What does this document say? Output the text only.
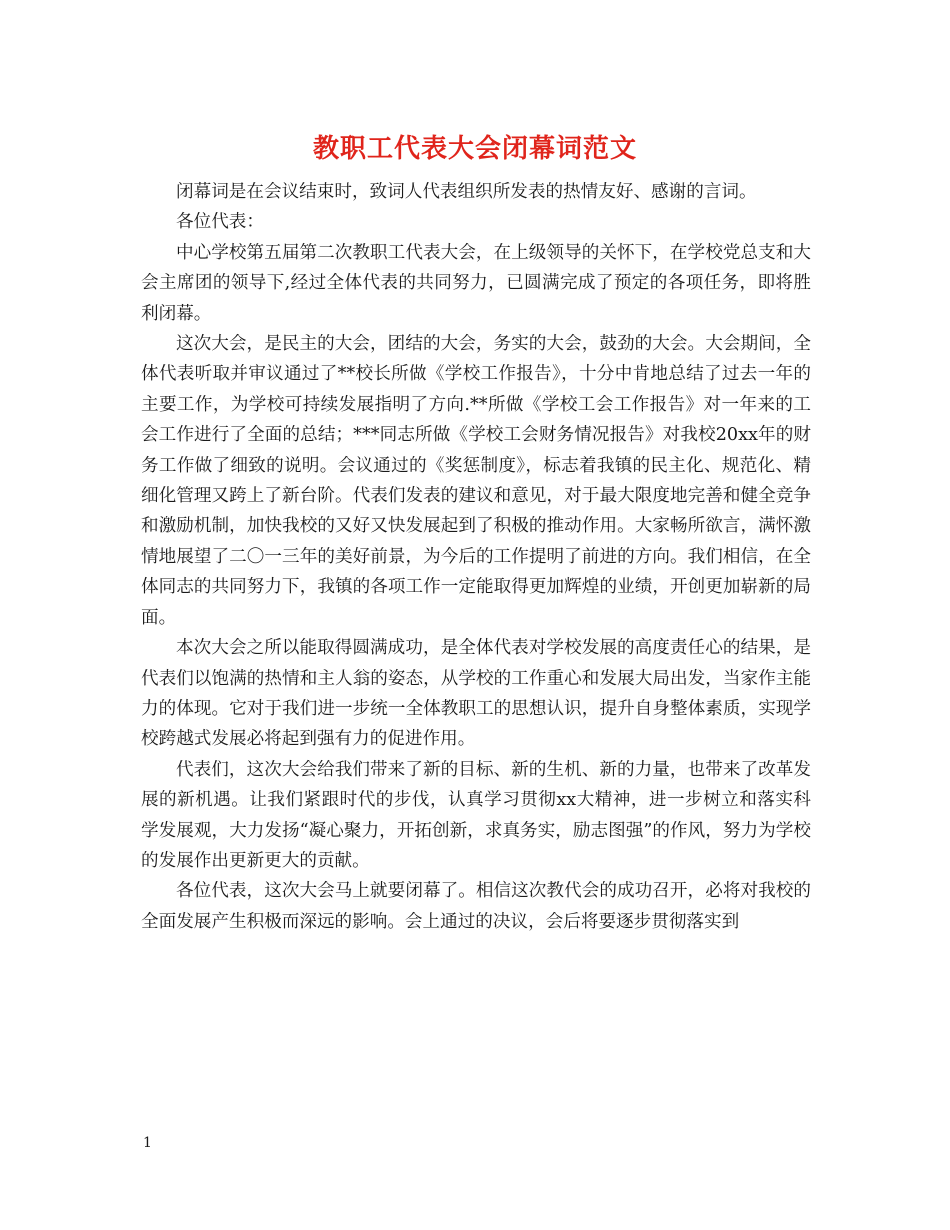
教职工代表大会闭幕词范文

闭幕词是在会议结束时，致词人代表组织所发表的热情友好、感谢的言词。

各位代表：

中心学校第五届第二次教职工代表大会，在上级领导的关怀下，在学校党总支和大会主席团的领导下,经过全体代表的共同努力，已圆满完成了预定的各项任务，即将胜利闭幕。

这次大会，是民主的大会，团结的大会，务实的大会，鼓劲的大会。大会期间，全体代表听取并审议通过了**校长所做《学校工作报告》，十分中肯地总结了过去一年的主要工作，为学校可持续发展指明了方向.**所做《学校工会工作报告》对一年来的工会工作进行了全面的总结；***同志所做《学校工会财务情况报告》对我校20xx年的财务工作做了细致的说明。会议通过的《奖惩制度》，标志着我镇的民主化、规范化、精细化管理又跨上了新台阶。代表们发表的建议和意见，对于最大限度地完善和健全竞争和激励机制，加快我校的又好又快发展起到了积极的推动作用。大家畅所欲言，满怀激情地展望了二〇一三年的美好前景，为今后的工作提明了前进的方向。我们相信，在全体同志的共同努力下，我镇的各项工作一定能取得更加辉煌的业绩，开创更加崭新的局面。

本次大会之所以能取得圆满成功，是全体代表对学校发展的高度责任心的结果，是代表们以饱满的热情和主人翁的姿态，从学校的工作重心和发展大局出发，当家作主能力的体现。它对于我们进一步统一全体教职工的思想认识，提升自身整体素质，实现学校跨越式发展必将起到强有力的促进作用。

代表们，这次大会给我们带来了新的目标、新的生机、新的力量，也带来了改革发展的新机遇。让我们紧跟时代的步伐，认真学习贯彻xx大精神，进一步树立和落实科学发展观，大力发扬“凝心聚力，开拓创新，求真务实，励志图强”的作风，努力为学校的发展作出更新更大的贡献。

各位代表，这次大会马上就要闭幕了。相信这次教代会的成功召开，必将对我校的全面发展产生积极而深远的影响。会上通过的决议，会后将要逐步贯彻落实到

1
